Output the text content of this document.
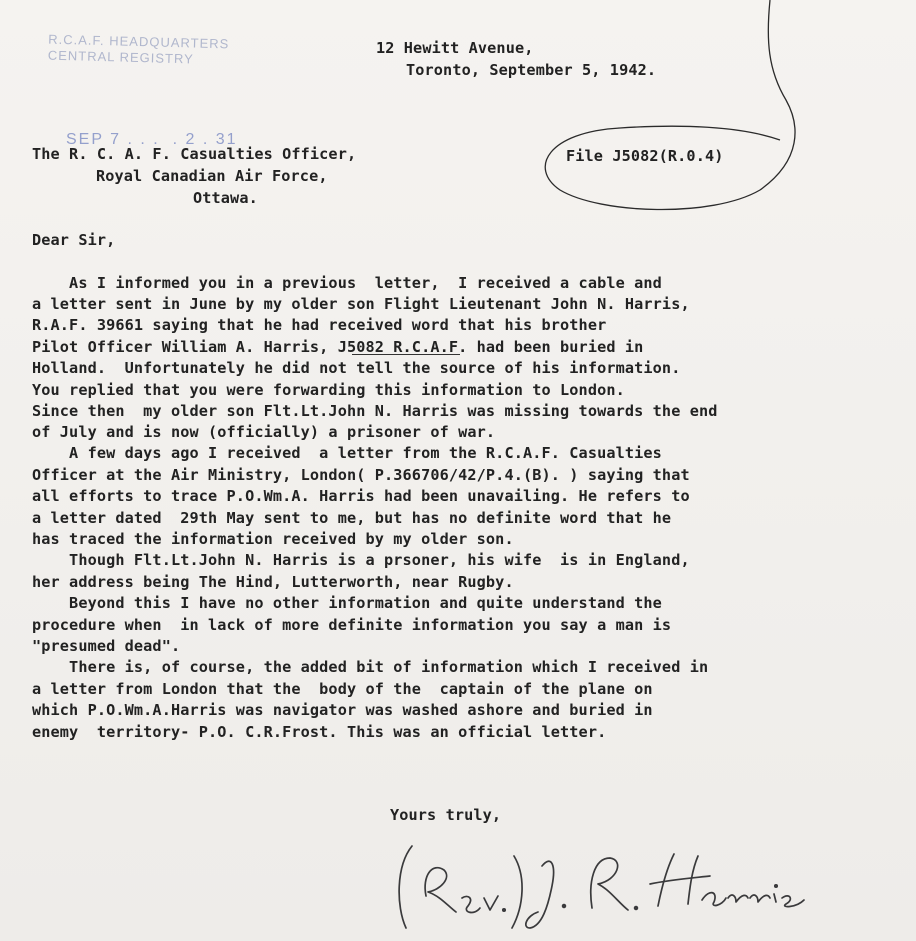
R.C.A.F. HEADQUARTERS
CENTRAL REGISTRY
SEP 7 . . .  . 2 . 31
12 Hewitt Avenue,
Toronto, September 5, 1942.
The R. C. A. F. Casualties Officer,
Royal Canadian Air Force,
Ottawa.
File J5082(R.0.4)
Dear Sir,
As I informed you in a previous  letter,  I received a cable and
a letter sent in June by my older son Flight Lieutenant John N. Harris,
R.A.F. 39661 saying that he had received word that his brother
Pilot Officer William A. Harris, J5082 R.C.A.F. had been buried in
Holland.  Unfortunately he did not tell the source of his information.
You replied that you were forwarding this information to London.
Since then  my older son Flt.Lt.John N. Harris was missing towards the end
of July and is now (officially) a prisoner of war.
A few days ago I received  a letter from the R.C.A.F. Casualties
Officer at the Air Ministry, London( P.366706/42/P.4.(B). ) saying that
all efforts to trace P.O.Wm.A. Harris had been unavailing. He refers to
a letter dated  29th May sent to me, but has no definite word that he
has traced the information received by my older son.
Though Flt.Lt.John N. Harris is a prsoner, his wife  is in England,
her address being The Hind, Lutterworth, near Rugby.
Beyond this I have no other information and quite understand the
procedure when  in lack of more definite information you say a man is
"presumed dead".
There is, of course, the added bit of information which I received in
a letter from London that the  body of the  captain of the plane on
which P.O.Wm.A.Harris was navigator was washed ashore and buried in
enemy  territory- P.O. C.R.Frost. This was an official letter.
Yours truly,
